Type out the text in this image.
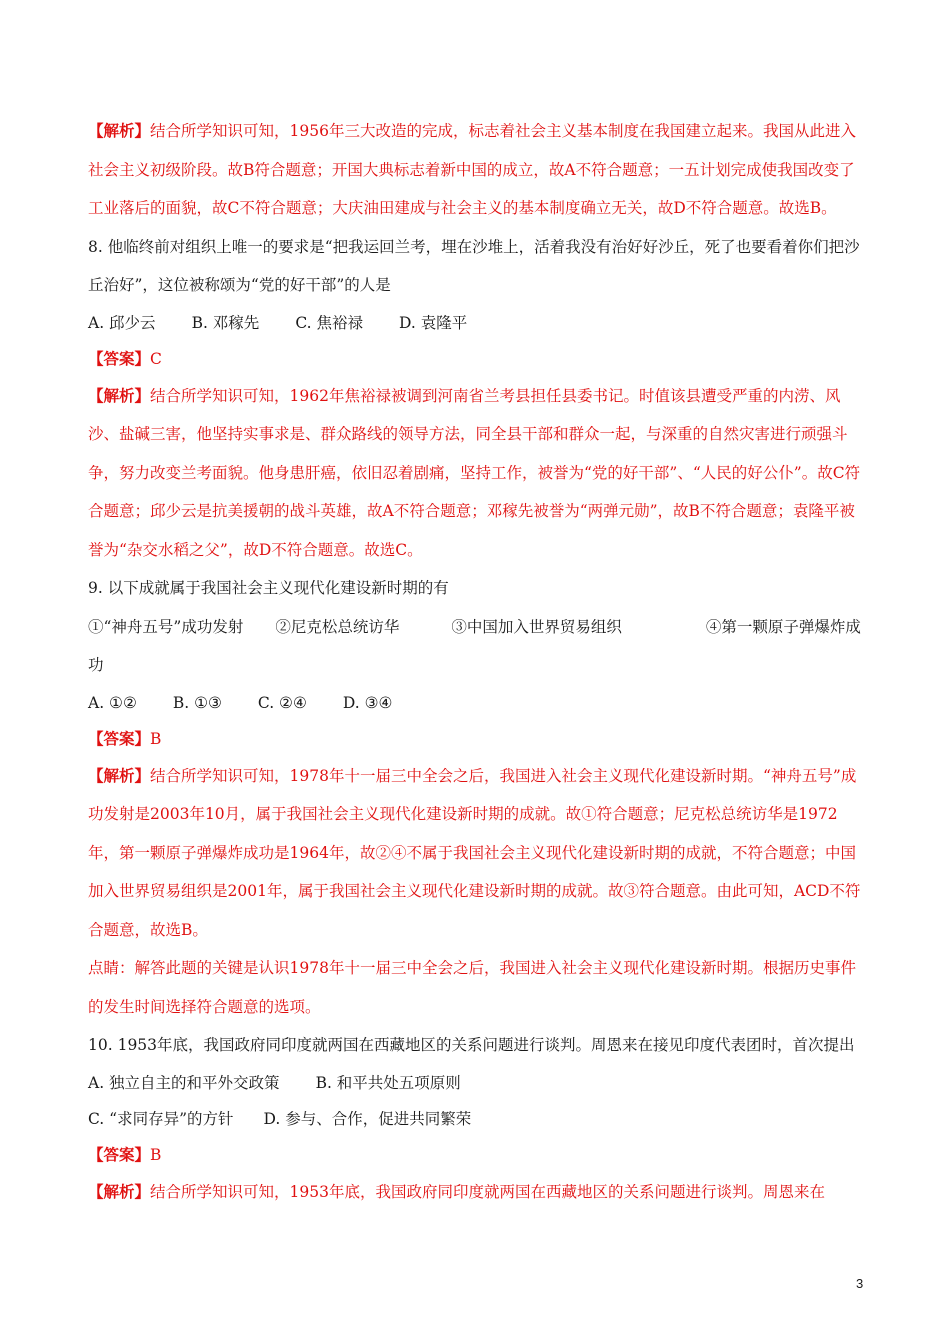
【解析】结合所学知识可知，1956年三大改造的完成，标志着社会主义基本制度在我国建立起来。我国从此进入社会主义初级阶段。故B符合题意；开国大典标志着新中国的成立，故A不符合题意；一五计划完成使我国改变了工业落后的面貌，故C不符合题意；大庆油田建成与社会主义的基本制度确立无关，故D不符合题意。故选B。

8. 他临终前对组织上唯一的要求是“把我运回兰考，埋在沙堆上，活着我没有治好好沙丘，死了也要看着你们把沙丘治好”，这位被称颂为“党的好干部”的人是

A. 邱少云 B. 邓稼先 C. 焦裕禄 D. 袁隆平

【答案】C

【解析】结合所学知识可知，1962年焦裕禄被调到河南省兰考县担任县委书记。时值该县遭受严重的内涝、风沙、盐碱三害，他坚持实事求是、群众路线的领导方法，同全县干部和群众一起，与深重的自然灾害进行顽强斗争，努力改变兰考面貌。他身患肝癌，依旧忍着剧痛，坚持工作，被誉为“党的好干部”、“人民的好公仆”。故C符合题意；邱少云是抗美援朝的战斗英雄，故A不符合题意；邓稼先被誉为“两弹元勋”，故B不符合题意；袁隆平被誉为“杂交水稻之父”，故D不符合题意。故选C。

9. 以下成就属于我国社会主义现代化建设新时期的有

①“神舟五号”成功发射 ②尼克松总统访华	③中国加入世界贸易组织	④第一颗原子弹爆炸成功

A. ①② B. ①③ C. ②④ D. ③④

【答案】B

【解析】结合所学知识可知，1978年十一届三中全会之后，我国进入社会主义现代化建设新时期。“神舟五号”成功发射是2003年10月，属于我国社会主义现代化建设新时期的成就。故①符合题意；尼克松总统访华是1972年，第一颗原子弹爆炸成功是1964年，故②④不属于我国社会主义现代化建设新时期的成就，不符合题意；中国加入世界贸易组织是2001年，属于我国社会主义现代化建设新时期的成就。故③符合题意。由此可知，ACD不符合题意，故选B。

点睛：解答此题的关键是认识1978年十一届三中全会之后，我国进入社会主义现代化建设新时期。根据历史事件的发生时间选择符合题意的选项。

10. 1953年底，我国政府同印度就两国在西藏地区的关系问题进行谈判。周恩来在接见印度代表团时，首次提出

A. 独立自主的和平外交政策 B. 和平共处五项原则

C. “求同存异”的方针 D. 参与、合作，促进共同繁荣

【答案】B

【解析】结合所学知识可知，1953年底，我国政府同印度就两国在西藏地区的关系问题进行谈判。周恩来在

3
